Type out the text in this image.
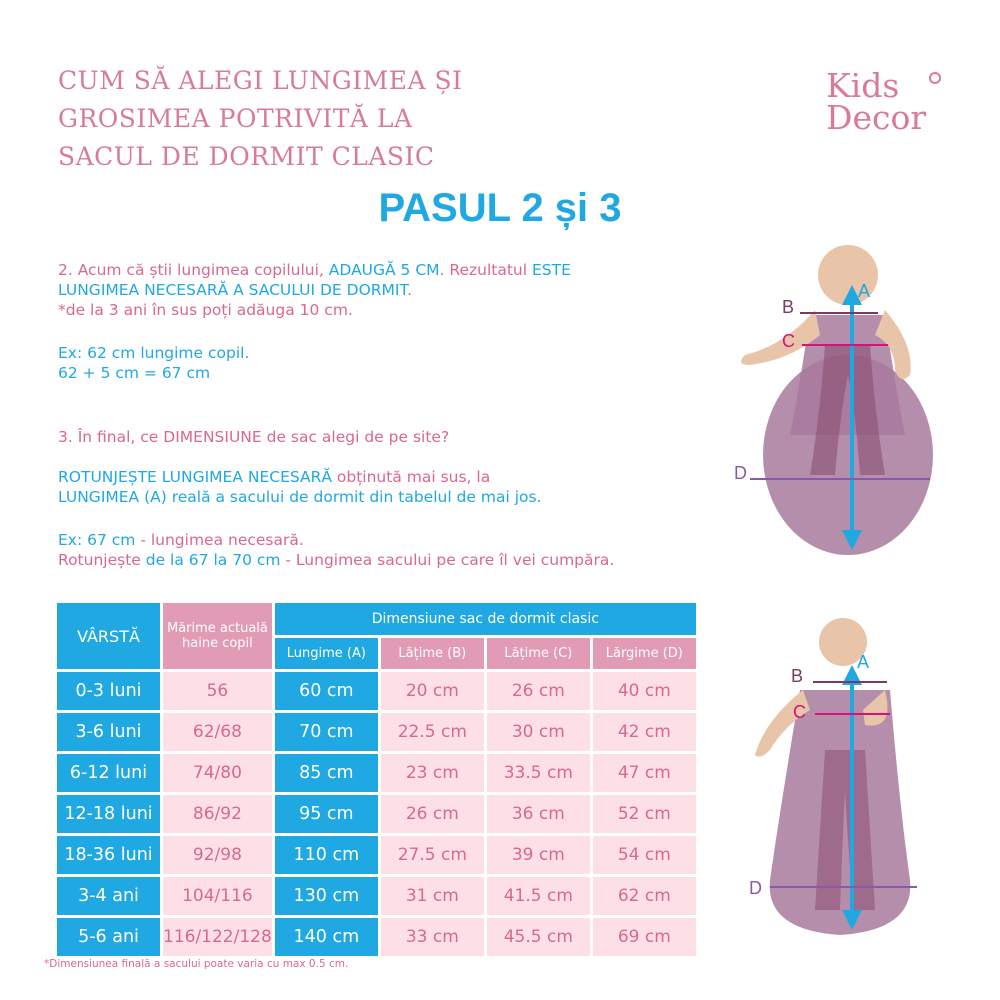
CUM SĂ ALEGI LUNGIMEA ȘI
GROSIMEA POTRIVITĂ LA
SACUL DE DORMIT CLASIC
Kids
Decor
PASUL 2 și 3
2. Acum că știi lungimea copilului, ADAUGĂ 5 CM. Rezultatul ESTE
LUNGIMEA NECESARĂ A SACULUI DE DORMIT.
*de la 3 ani în sus poți adăuga 10 cm.
Ex: 62 cm lungime copil.
62 + 5 cm = 67 cm
3. În final, ce DIMENSIUNE de sac alegi de pe site?
ROTUNJEȘTE LUNGIMEA NECESARĂ obținută mai sus, la
LUNGIMEA (A) reală a sacului de dormit din tabelul de mai jos.
Ex: 67 cm - lungimea necesară.
Rotunjește de la 67 la 70 cm - Lungimea sacului pe care îl vei cumpăra.
VÂRSTĂ	Mărime actuală haine copil	Dimensiune sac de dormit clasic			
		Lungime (A)	Lățime (B)	Lățime (C)	Lărgime (D)
0-3 luni	56	60 cm	20 cm	26 cm	40 cm
3-6 luni	62/68	70 cm	22.5 cm	30 cm	42 cm
6-12 luni	74/80	85 cm	23 cm	33.5 cm	47 cm
12-18 luni	86/92	95 cm	26 cm	36 cm	52 cm
18-36 luni	92/98	110 cm	27.5 cm	39 cm	54 cm
3-4 ani	104/116	130 cm	31 cm	41.5 cm	62 cm
5-6 ani	116/122/128	140 cm	33 cm	45.5 cm	69 cm
*Dimensiunea finală a sacului poate varia cu max 0.5 cm.
A
B
C
D
A
B
C
D
